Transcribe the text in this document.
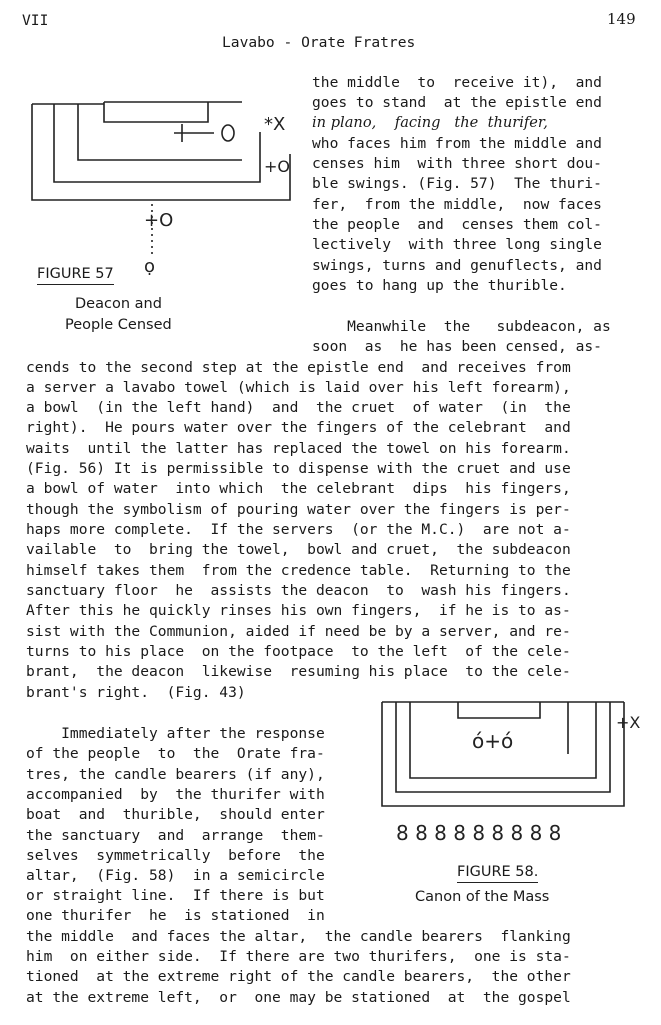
VII	149
Lavabo - Orate Fratres
*X
+O
+O
ọ
FIGURE 57
Deacon and
People Censed
the middle  to  receive it),  and
goes to stand  at the epistle end
in plano,    facing   the  thurifer,
who faces him from the middle and
censes him  with three short dou-
ble swings. (Fig. 57)  The thuri-
fer,  from the middle,  now faces
the people  and  censes them col-
lectively  with three long single
swings, turns and genuflects, and
goes to hang up the thurible.
Meanwhile  the   subdeacon, as
soon  as  he has been censed, as-
cends to the second step at the epistle end  and receives from
a server a lavabo towel (which is laid over his left forearm),
a bowl  (in the left hand)  and  the cruet  of water  (in  the
right).  He pours water over the fingers of the celebrant  and
waits  until the latter has replaced the towel on his forearm.
(Fig. 56) It is permissible to dispense with the cruet and use
a bowl of water  into which  the celebrant  dips  his fingers,
though the symbolism of pouring water over the fingers is per-
haps more complete.  If the servers  (or the M.C.)  are not a-
vailable  to  bring the towel,  bowl and cruet,  the subdeacon
himself takes them  from the credence table.  Returning to the
sanctuary floor  he  assists the deacon  to  wash his fingers.
After this he quickly rinses his own fingers,  if he is to as-
sist with the Communion, aided if need be by a server, and re-
turns to his place  on the footpace  to the left  of the cele-
brant,  the deacon  likewise  resuming his place  to the cele-
brant's right.  (Fig. 43)
ó+ó
+X
8 8 8 8 8 8 8 8 8
FIGURE 58.
Canon of the Mass
Immediately after the response
of the people  to  the  Orate fra-
tres, the candle bearers (if any),
accompanied  by  the thurifer with
boat  and  thurible,  should enter
the sanctuary  and  arrange  them-
selves  symmetrically  before  the
altar,  (Fig. 58)  in a semicircle
or straight line.  If there is but
one thurifer  he  is stationed  in
the middle  and faces the altar,  the candle bearers  flanking
him  on either side.  If there are two thurifers,  one is sta-
tioned  at the extreme right of the candle bearers,  the other
at the extreme left,  or  one may be stationed  at  the gospel
